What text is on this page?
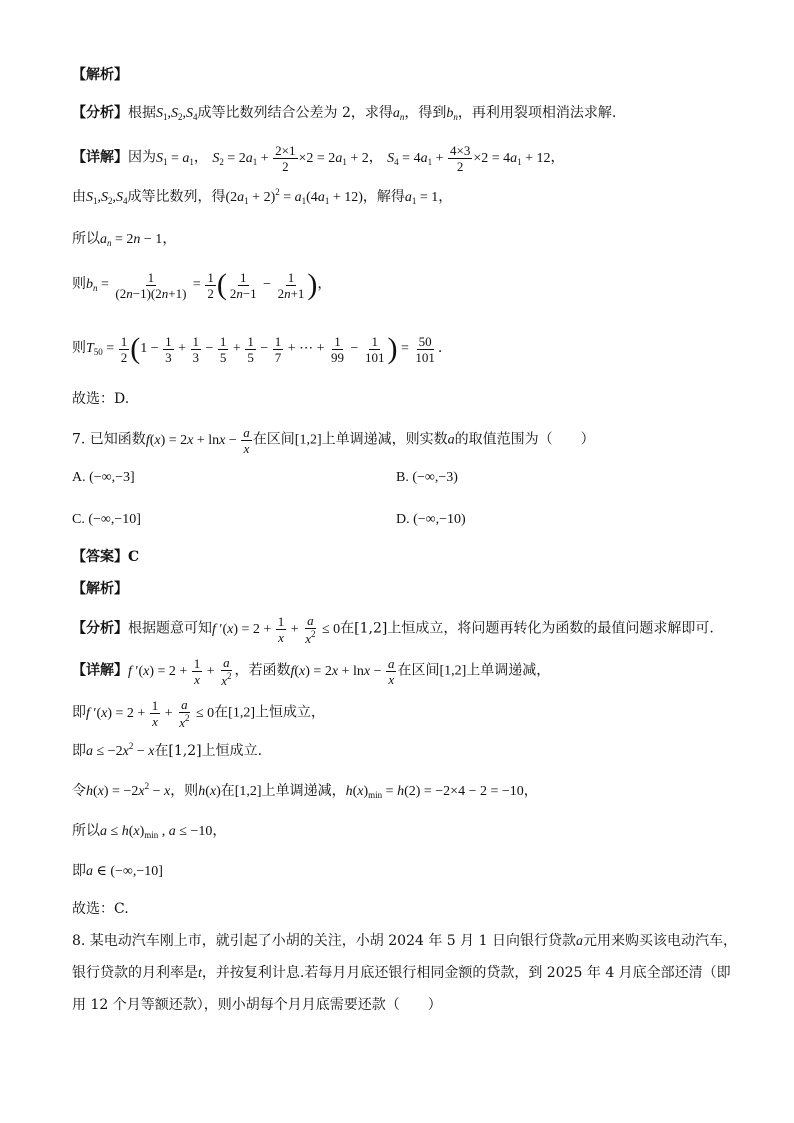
【解析】
【分析】根据$S_1,S_2,S_4$成等比数列结合公差为 2，求得$a_n$，得到$b_n$，再利用裂项相消法求解.
【详解】因为$S_1 = a_1$， $S_2 = 2a_1 + \frac{2\times 1}{2} \times 2 = 2a_1 + 2$， $S_4 = 4a_1 + \frac{4\times 3}{2} \times 2 = 4a_1 + 12$，
由$S_1,S_2,S_4$成等比数列，得$(2a_1 + 2)^2 = a_1(4a_1 + 12)$，解得$a_1 = 1$，
所以$a_n = 2n - 1$，
则$b_n = \frac{1}{(2n-1)(2n+1)} = \frac{1}{2}$ ( $\frac{1}{2n-1} - \frac{1}{2n+1}$ )，
则$T_{50} = \frac{1}{2} (1 - \frac{1}{3} + \frac{1}{3} - \frac{1}{5} + \frac{1}{5} - \frac{1}{7}$ + ⋯ + $\frac{1}{99} - \frac{1}{101}$ ) = $\frac{50}{101}$ .
故选：D.
7. 已知函数$f(x) = 2x + \ln x - \frac{a}{x}$ 在区间[1,2]上单调递减，则实数a的取值范围为（　　）
A. (−∞,−3]	B. (−∞,−3)
C. (−∞,−10]	D. (−∞,−10)
【答案】C
【解析】
【分析】根据题意可知f $'(x) = 2 + \frac{1}{x} + \frac{a}{x^2} \le 0$在[1,2]上恒成立，将问题再转化为函数的最值问题求解即可.
【详解】f $'(x) = 2 + \frac{1}{x} + \frac{a}{x^2}$ ，若函数$f(x) = 2x + \ln x - \frac{a}{x}$ 在区间[1,2]上单调递减，
即f $'(x) = 2 + \frac{1}{x} + \frac{a}{x^2} \le 0$在[1,2]上恒成立，
即$a \le -2x^2 - x$在[1,2]上恒成立.
令$h(x) = -2x^2 - x$，则h(x)在[1,2]上单调递减，$h(x)_{min} = h(2) = -2\times 4 - 2 = -10$，
所以$a \le h(x)_{min}$ , a ≤ −10，
即a ∈ (−∞,−10]
故选：C.
8. 某电动汽车刚上市，就引起了小胡的关注，小胡 2024 年 5 月 1 日向银行贷款a元用来购买该电动汽车，
银行贷款的月利率是t，并按复利计息.若每月月底还银行相同金额的贷款，到 2025 年 4 月底全部还清（即
用 12 个月等额还款），则小胡每个月月底需要还款（　　）
